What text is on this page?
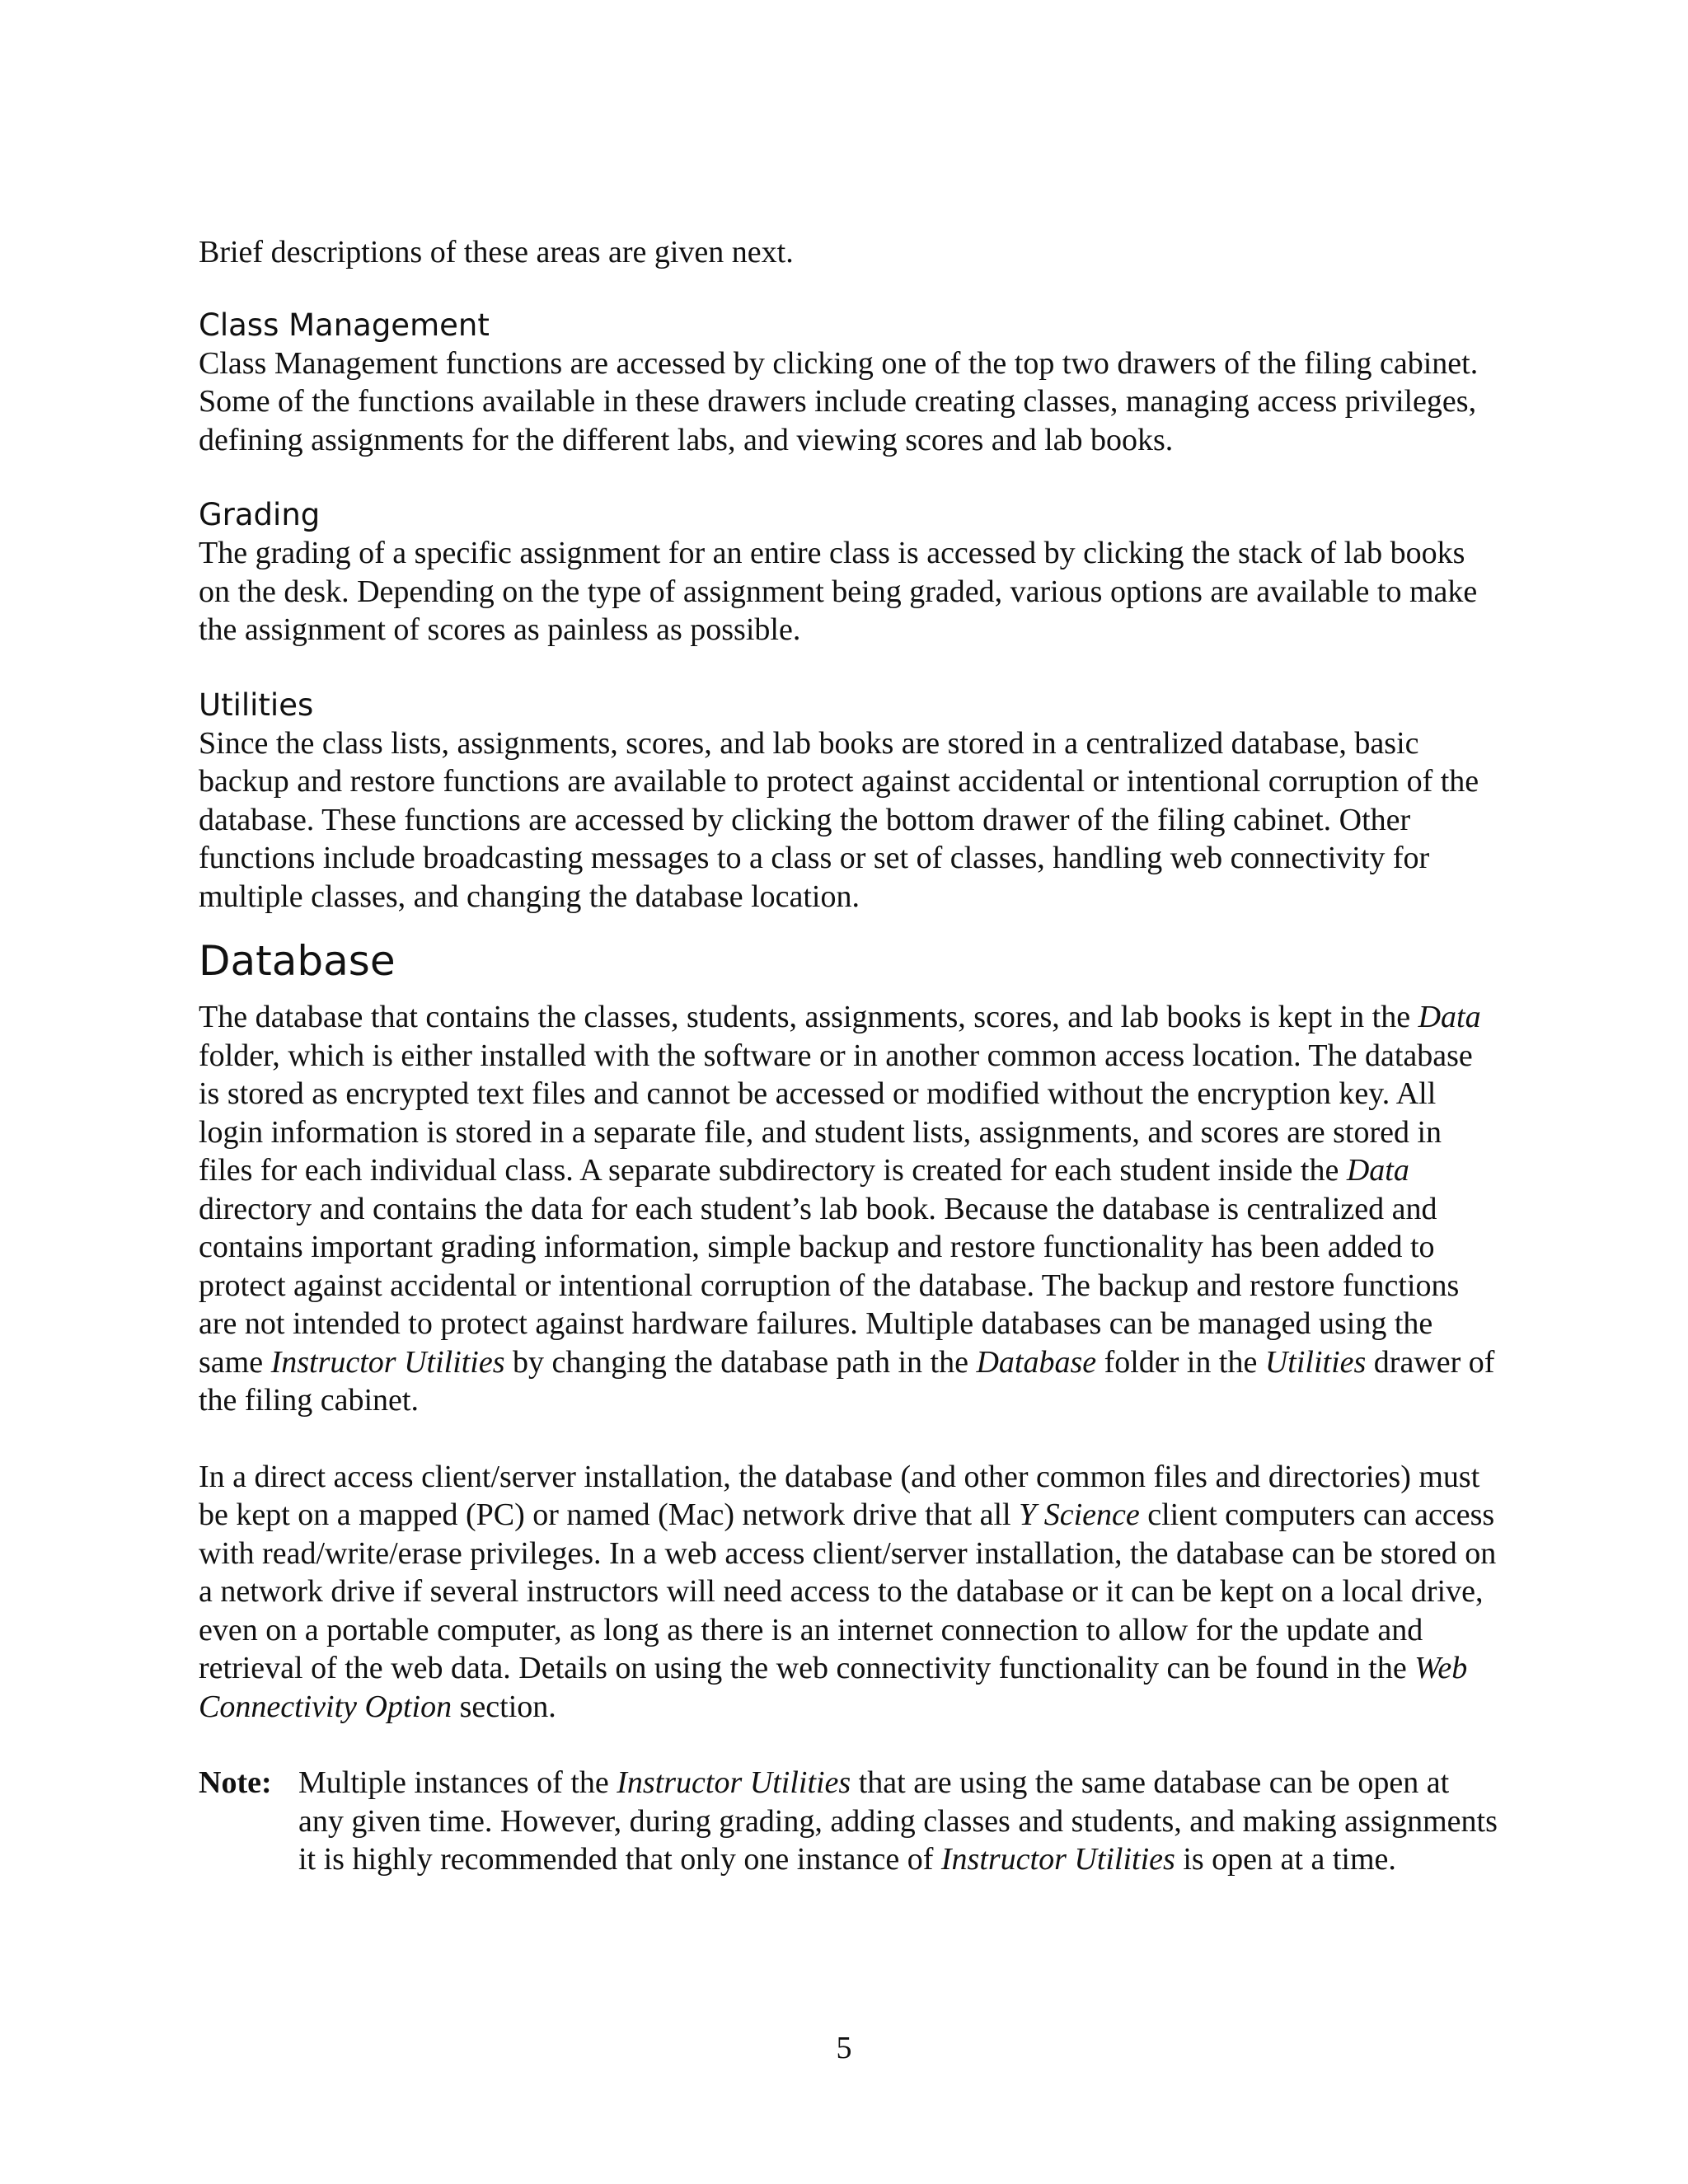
Brief descriptions of these areas are given next.

Class Management

Class Management functions are accessed by clicking one of the top two drawers of the filing cabinet. Some of the functions available in these drawers include creating classes, managing access privileges, defining assignments for the different labs, and viewing scores and lab books.

Grading

The grading of a specific assignment for an entire class is accessed by clicking the stack of lab books on the desk. Depending on the type of assignment being graded, various options are available to make the assignment of scores as painless as possible.

Utilities

Since the class lists, assignments, scores, and lab books are stored in a centralized database, basic backup and restore functions are available to protect against accidental or intentional corruption of the database. These functions are accessed by clicking the bottom drawer of the filing cabinet. Other functions include broadcasting messages to a class or set of classes, handling web connectivity for multiple classes, and changing the database location.

Database

The database that contains the classes, students, assignments, scores, and lab books is kept in the Data folder, which is either installed with the software or in another common access location. The database is stored as encrypted text files and cannot be accessed or modified without the encryption key. All login information is stored in a separate file, and student lists, assignments, and scores are stored in files for each individual class. A separate subdirectory is created for each student inside the Data directory and contains the data for each student’s lab book. Because the database is centralized and contains important grading information, simple backup and restore functionality has been added to protect against accidental or intentional corruption of the database. The backup and restore functions are not intended to protect against hardware failures. Multiple databases can be managed using the same Instructor Utilities by changing the database path in the Database folder in the Utilities drawer of the filing cabinet.

In a direct access client/server installation, the database (and other common files and directories) must be kept on a mapped (PC) or named (Mac) network drive that all Y Science client computers can access with read/write/erase privileges. In a web access client/server installation, the database can be stored on a network drive if several instructors will need access to the database or it can be kept on a local drive, even on a portable computer, as long as there is an internet connection to allow for the update and retrieval of the web data. Details on using the web connectivity functionality can be found in the Web Connectivity Option section.

Note: Multiple instances of the Instructor Utilities that are using the same database can be open at any given time. However, during grading, adding classes and students, and making assignments it is highly recommended that only one instance of Instructor Utilities is open at a time.
5
